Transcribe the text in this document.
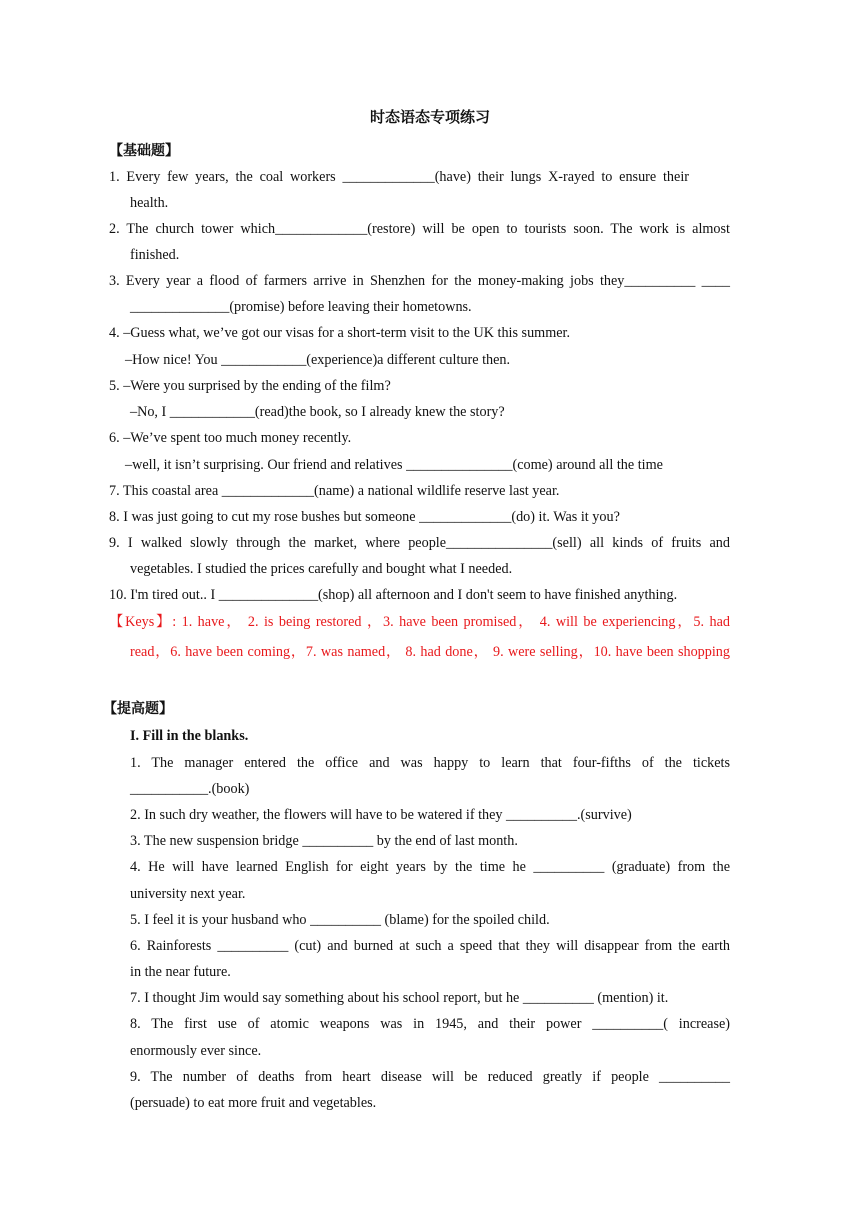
时态语态专项练习
【基础题】
1. Every few years, the coal workers _____________(have) their lungs X-rayed to ensure their
health.
2. The church tower which_____________(restore) will be open to tourists soon. The work is almost
finished.
3. Every year a flood of farmers arrive in Shenzhen for the money-making jobs they__________ ____
______________(promise) before leaving their hometowns.
4. –Guess what, we’ve got our visas for a short-term visit to the UK this summer.
–How nice! You ____________(experience)a different culture then.
5. –Were you surprised by the ending of the film?
–No, I ____________(read)the book, so I already knew the story?
6. –We’ve spent too much money recently.
–well, it isn’t surprising. Our friend and relatives _______________(come) around all the time
7. This coastal area _____________(name) a national wildlife reserve last year.
8. I was just going to cut my rose bushes but someone _____________(do) it. Was it you?
9. I walked slowly through the market, where people_______________(sell) all kinds of fruits and
vegetables. I studied the prices carefully and bought what I needed.
10. I'm tired out.. I ______________(shop) all afternoon and I don't seem to have finished anything.
【Keys】: 1. have， 2. is being restored ，3. have been promised， 4. will be experiencing，5. had
read，6. have been coming，7. was named， 8. had done， 9. were selling，10. have been shopping
【提高题】
I. Fill in the blanks.
1. The manager entered the office and was happy to learn that four-fifths of the tickets
___________.(book)
2. In such dry weather, the flowers will have to be watered if they __________.(survive)
3. The new suspension bridge __________ by the end of last month.
4. He will have learned English for eight years by the time he __________ (graduate) from the
university next year.
5. I feel it is your husband who __________ (blame) for the spoiled child.
6. Rainforests __________ (cut) and burned at such a speed that they will disappear from the earth
in the near future.
7. I thought Jim would say something about his school report, but he __________ (mention) it.
8. The first use of atomic weapons was in 1945, and their power __________( increase)
enormously ever since.
9. The number of deaths from heart disease will be reduced greatly if people __________
(persuade) to eat more fruit and vegetables.
